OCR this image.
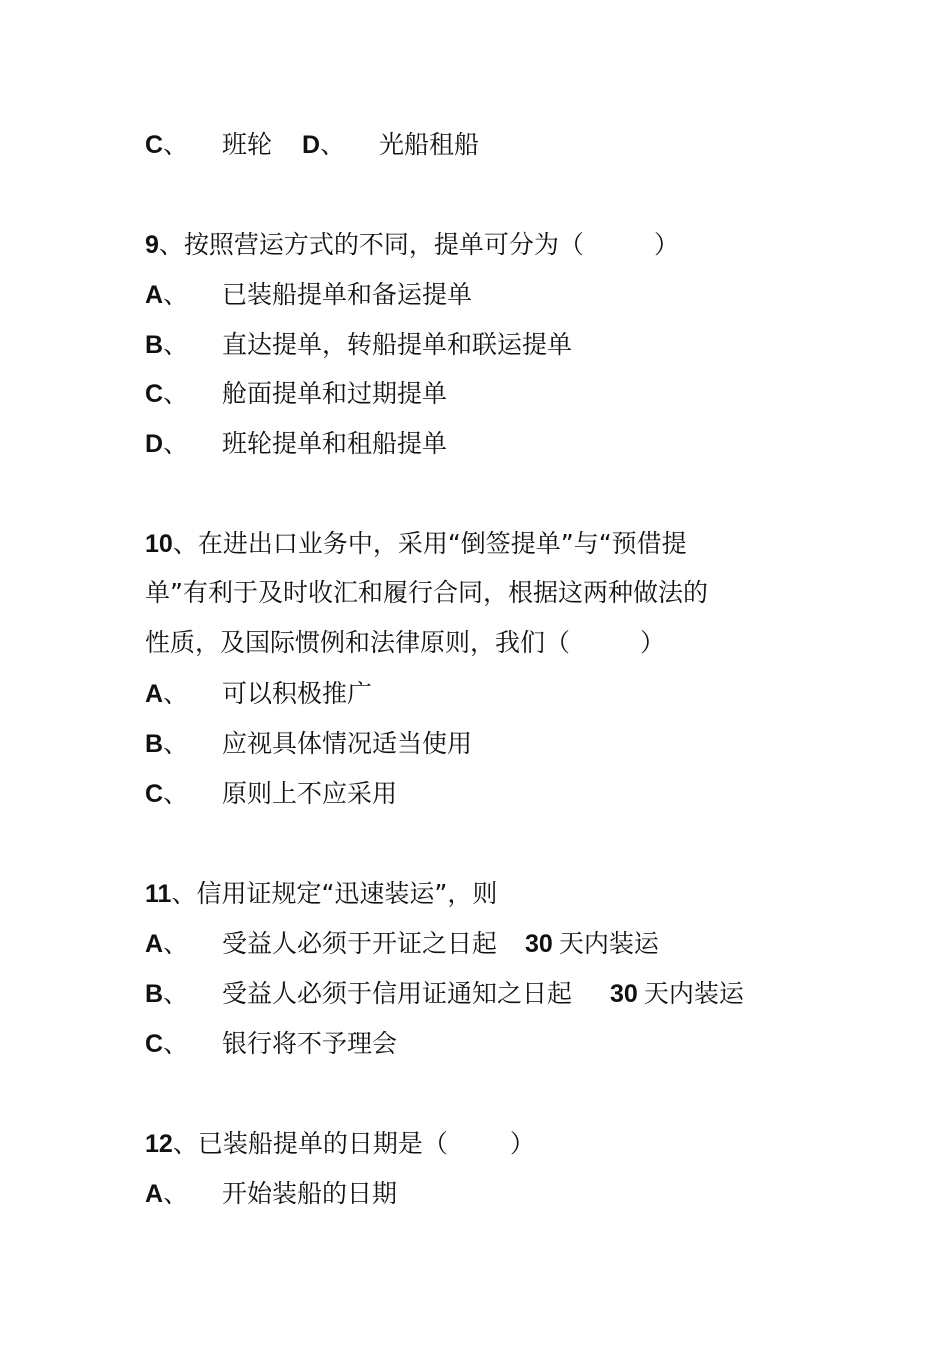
C、 班轮 D、 光船租船
9、按照营运方式的不同，提单可分为（	）
A、 已装船提单和备运提单
B、 直达提单，转船提单和联运提单
C、 舱面提单和过期提单
D、 班轮提单和租船提单
10、在进出口业务中，采用“倒签提单”与“预借提
单”有利于及时收汇和履行合同，根据这两种做法的
性质，及国际惯例和法律原则，我们（	）
A、 可以积极推广
B、 应视具体情况适当使用
C、 原则上不应采用
11、信用证规定“迅速装运”，则
A、 受益人必须于开证之日起 30 天内装运
B、 受益人必须于信用证通知之日起 30 天内装运
C、 银行将不予理会
12、已装船提单的日期是（ ）
A、 开始装船的日期
